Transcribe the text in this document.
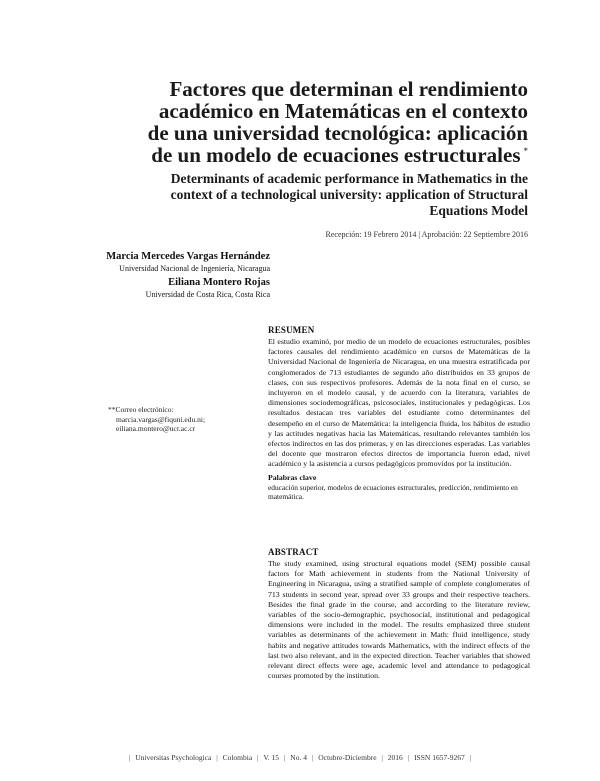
Factores que determinan el rendimiento
académico en Matemáticas en el contexto
de una universidad tecnológica: aplicación
de un modelo de ecuaciones estructurales *
Determinants of academic performance in Mathematics in the
context of a technological university: application of Structural
Equations Model
Recepción: 19 Febrero 2014 | Aprobación: 22 Septiembre 2016
Marcia Mercedes Vargas Hernández
Universidad Nacional de Ingeniería, Nicaragua
Eiliana Montero Rojas
Universidad de Costa Rica, Costa Rica
**Correo electrónico:
marcia.vargas@fiquni.edu.ni;
eiliana.montero@ucr.ac.cr
RESUMEN

El estudio examinó, por medio de un modelo de ecuaciones estructurales, posibles factores causales del rendimiento académico en cursos de Matemáticas de la Universidad Nacional de Ingeniería de Nicaragua, en una muestra estratificada por conglomerados de 713 estudiantes de segundo año distribuidos en 33 grupos de clases, con sus respectivos profesores. Además de la nota final en el curso, se incluyeron en el modelo causal, y de acuerdo con la literatura, variables de dimensiones sociodemográficas, psicosociales, institucionales y pedagógicas. Los resultados destacan tres variables del estudiante como determinantes del desempeño en el curso de Matemática: la inteligencia fluida, los hábitos de estudio y las actitudes negativas hacia las Matemáticas, resultando relevantes también los efectos indirectos en las dos primeras, y en las direcciones esperadas. Las variables del docente que mostraron efectos directos de importancia fueron edad, nivel académico y la asistencia a cursos pedagógicos promovidos por la institución.

Palabras clave
educación superior, modelos de ecuaciones estructurales, predicción, rendimiento en matemática.
ABSTRACT

The study examined, using structural equations model (SEM) possible causal factors for Math achievement in students from the National University of Engineering in Nicaragua, using a stratified sample of complete conglomerates of 713 students in second year, spread over 33 groups and their respective teachers. Besides the final grade in the course, and according to the literature review, variables of the socio-demographic, psychosocial, institutional and pedagogical dimensions were included in the model. The results emphasized three student variables as determinants of the achievement in Math: fluid intelligence, study habits and negative attitudes towards Mathematics, with the indirect effects of the last two also relevant, and in the expected direction. Teacher variables that showed relevant direct effects were age, academic level and attendance to pedagogical courses promoted by the institution.

| Universitas Psychologica | Colombia | V. 15 | No. 4 | Octubre-Diciembre | 2016 | ISSN 1657-9267 |
